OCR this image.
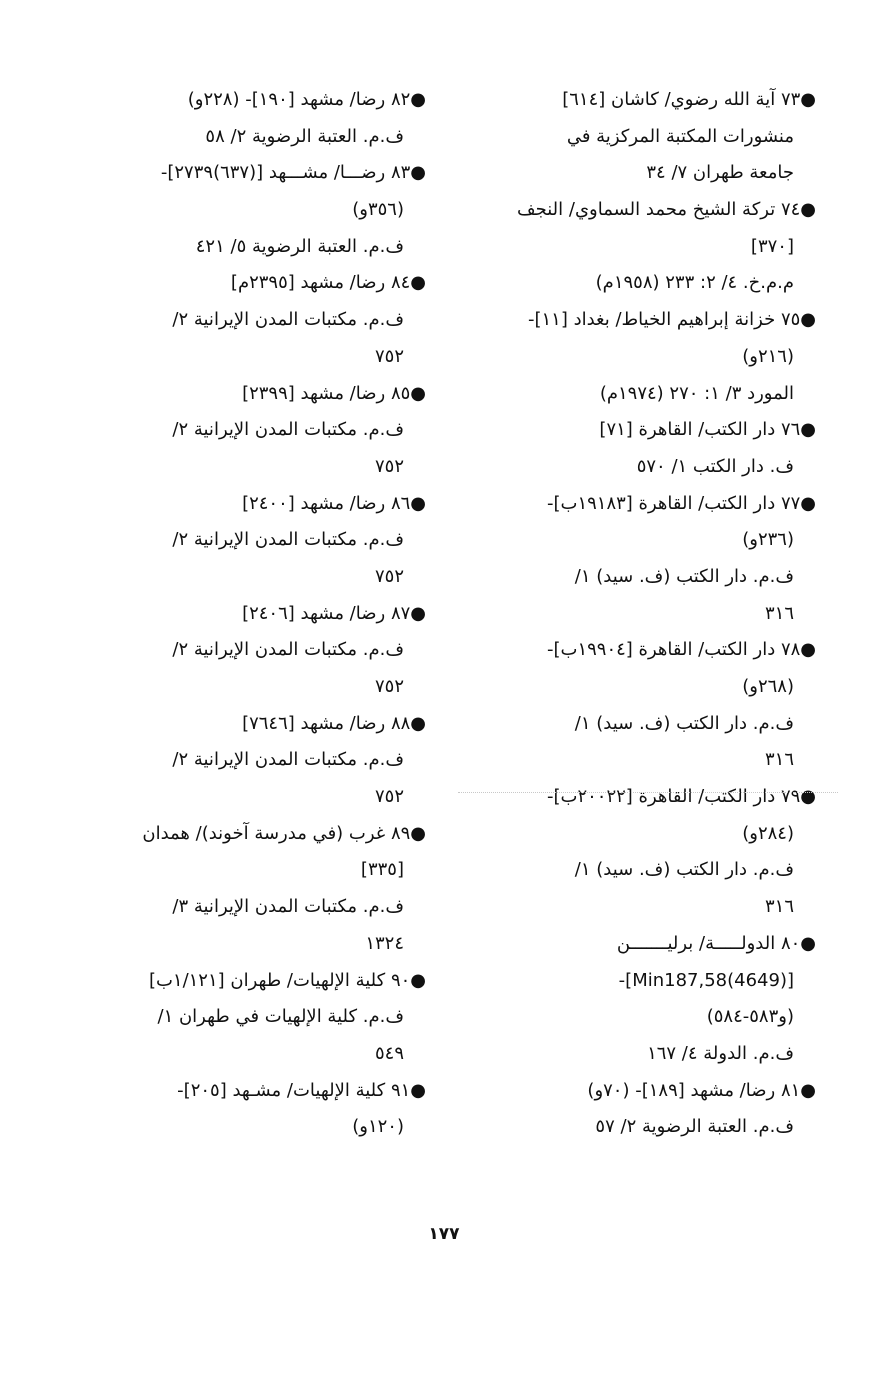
●٧٣ آية الله رضوي/ كاشان [٦١٤]
منشورات المكتبة المركزية في
جامعة طهران ٧/ ٣٤
●٧٤ تركة الشيخ محمد السماوي/ النجف
[٣٧٠]
م.م.خ. ٤/ ٢: ٢٣٣ (١٩٥٨م)
●٧٥ خزانة إبراهيم الخياط/ بغداد [١١]-
(٢١٦و)
المورد ٣/ ١: ٢٧٠ (١٩٧٤م)
●٧٦ دار الكتب/ القاهرة [٧١]
ف. دار الكتب ١/ ٥٧٠
●٧٧ دار الكتب/ القاهرة [١٩١٨٣ب]-
(٢٣٦و)
ف.م. دار الكتب (ف. سيد) ١/
٣١٦
●٧٨ دار الكتب/ القاهرة [١٩٩٠٤ب]-
(٢٦٨و)
ف.م. دار الكتب (ف. سيد) ١/
٣١٦
●٧٩ دار الكتب/ القاهرة [٢٠٠٢٢ب]-
(٢٨٤و)
ف.م. دار الكتب (ف. سيد) ١/
٣١٦
●٨٠ الدولـــــة/ برليـــــــن
[(4649)Min187,58]-
(و٥٨٣-٥٨٤)
ف.م. الدولة ٤/ ١٦٧
●٨١ رضا/ مشهد [١٨٩]- (٧٠و)
ف.م. العتبة الرضوية ٢/ ٥٧
●٨٢ رضا/ مشهد [١٩٠]- (٢٢٨و)
ف.م. العتبة الرضوية ٢/ ٥٨
●٨٣ رضـــا/ مشـــهد [(٦٣٧)٢٧٣٩]-
(٣٥٦و)
ف.م. العتبة الرضوية ٥/ ٤٢١
●٨٤ رضا/ مشهد [٢٣٩٥م]
ف.م. مكتبات المدن الإيرانية ٢/
٧٥٢
●٨٥ رضا/ مشهد [٢٣٩٩]
ف.م. مكتبات المدن الإيرانية ٢/
٧٥٢
●٨٦ رضا/ مشهد [٢٤٠٠]
ف.م. مكتبات المدن الإيرانية ٢/
٧٥٢
●٨٧ رضا/ مشهد [٢٤٠٦]
ف.م. مكتبات المدن الإيرانية ٢/
٧٥٢
●٨٨ رضا/ مشهد [٧٦٤٦]
ف.م. مكتبات المدن الإيرانية ٢/
٧٥٢
●٨٩ غرب (في مدرسة آخوند)/ همدان
[٣٣٥]
ف.م. مكتبات المدن الإيرانية ٣/
١٣٢٤
●٩٠ كلية الإلهيات/ طهران [١/١٢١ب]
ف.م. كلية الإلهيات في طهران ١/
٥٤٩
●٩١ كلية الإلهيات/ مشـهد [٢٠٥]-
(١٢٠و)
١٧٧
